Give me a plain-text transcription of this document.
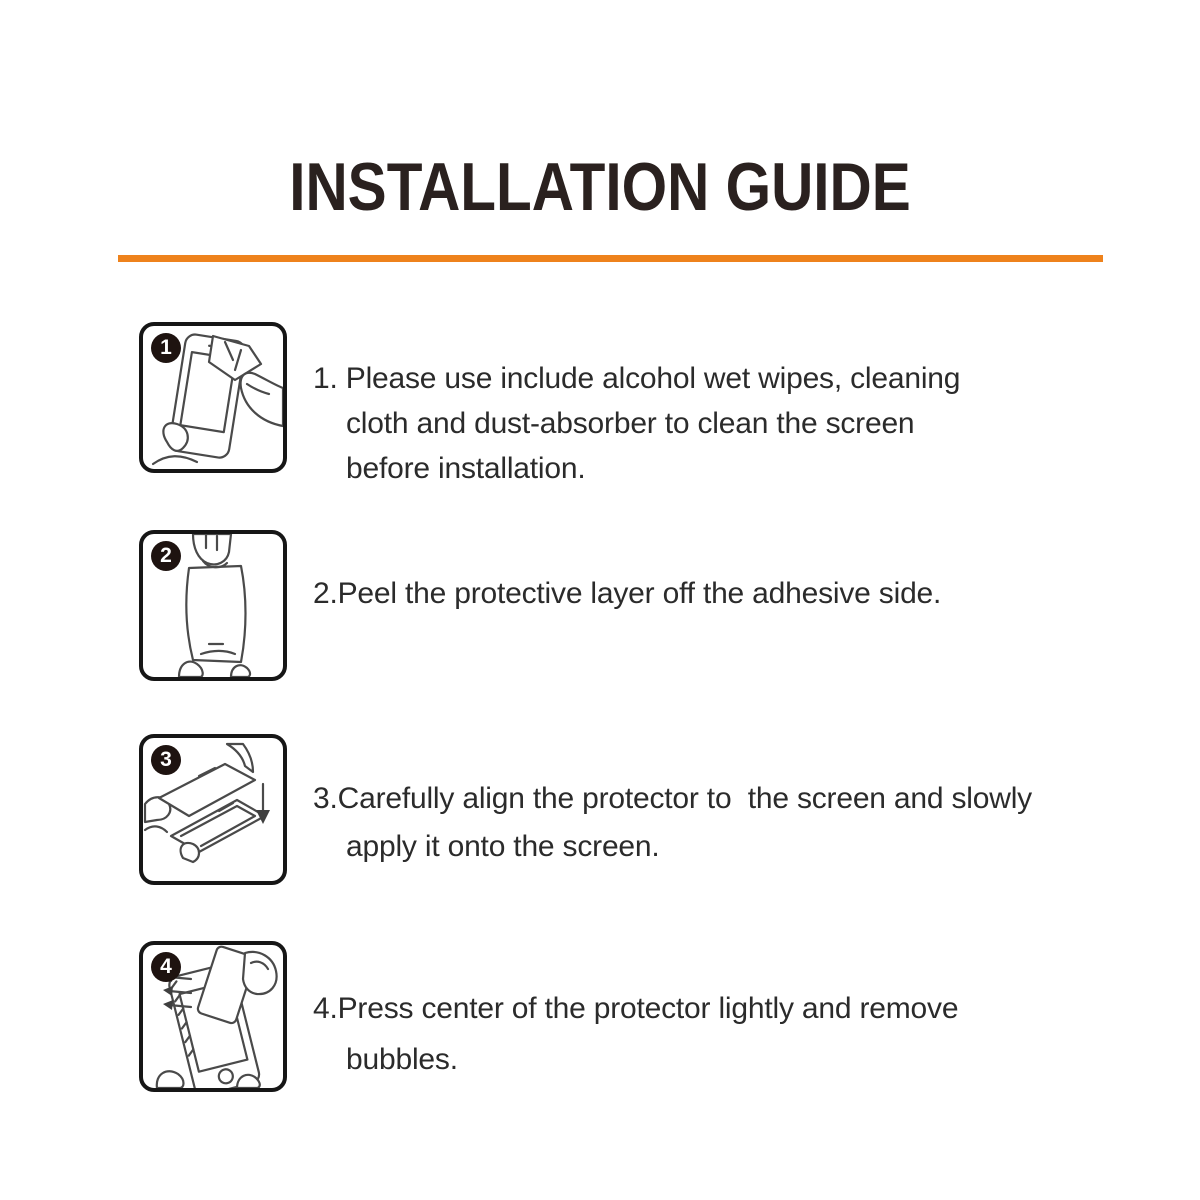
INSTALLATION GUIDE
1

1. Please use include alcohol wet wipes, cleaning
cloth and dust-absorber to clean the screen
before installation.

2

2.Peel the protective layer off the adhesive side.

3

3.Carefully align the protector to  the screen and slowly
apply it onto the screen.

4

4.Press center of the protector lightly and remove
bubbles.
